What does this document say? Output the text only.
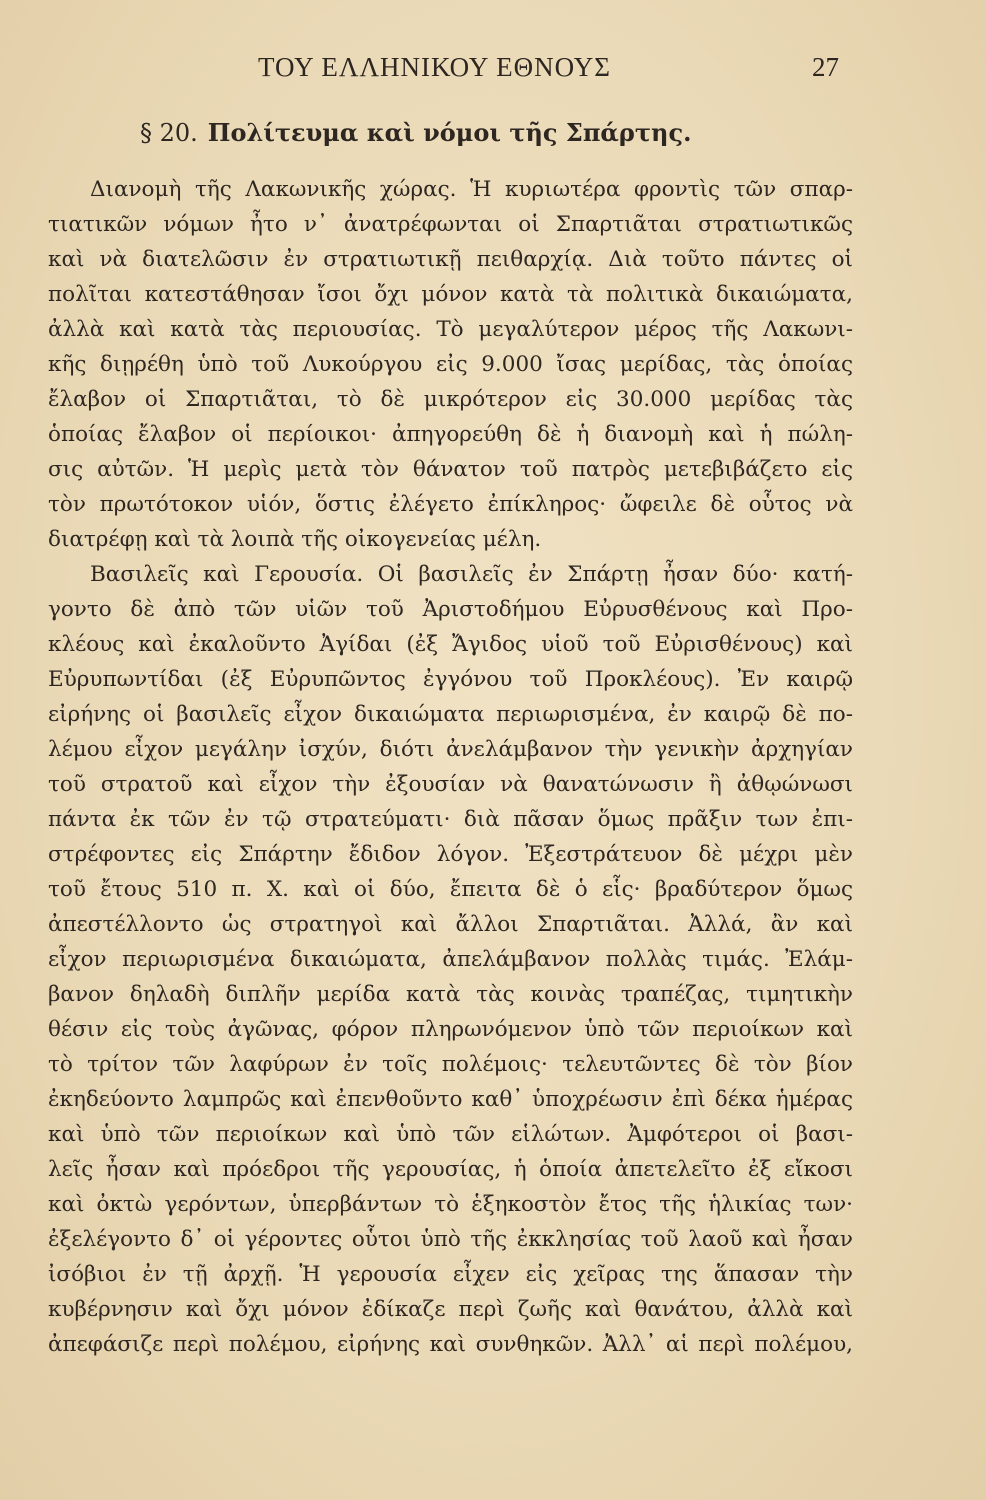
ΤΟΥ ΕΛΛΗΝΙΚΟΥ ΕΘΝΟΥΣ	27
§ 20. Πολίτευμα καὶ νόμοι τῆς Σπάρτης.
Διανομὴ τῆς Λακωνικῆς χώρας. Ἡ κυριωτέρα φροντὶς τῶν σπαρ-
τιατικῶν νόμων ἦτο ν᾽ ἀνατρέφωνται οἱ Σπαρτιᾶται στρατιωτικῶς
καὶ νὰ διατελῶσιν ἐν στρατιωτικῇ πειθαρχίᾳ. Διὰ τοῦτο πάντες οἱ
πολῖται κατεστάθησαν ἴσοι ὄχι μόνον κατὰ τὰ πολιτικὰ δικαιώματα,
ἀλλὰ καὶ κατὰ τὰς περιουσίας. Τὸ μεγαλύτερον μέρος τῆς Λακωνι-
κῆς διῃρέθη ὑπὸ τοῦ Λυκούργου εἰς 9.000 ἴσας μερίδας, τὰς ὁποίας
ἔλαβον οἱ Σπαρτιᾶται, τὸ δὲ μικρότερον εἰς 30.000 μερίδας τὰς
ὁποίας ἔλαβον οἱ περίοικοι· ἀπηγορεύθη δὲ ἡ διανομὴ καὶ ἡ πώλη-
σις αὐτῶν. Ἡ μερὶς μετὰ τὸν θάνατον τοῦ πατρὸς μετεβιβάζετο εἰς
τὸν πρωτότοκον υἱόν, ὅστις ἐλέγετο ἐπίκληρος· ὤφειλε δὲ οὗτος νὰ
διατρέφῃ καὶ τὰ λοιπὰ τῆς οἰκογενείας μέλη.
Βασιλεῖς καὶ Γερουσία. Οἱ βασιλεῖς ἐν Σπάρτῃ ἦσαν δύο· κατή-
γοντο δὲ ἀπὸ τῶν υἱῶν τοῦ Ἀριστοδήμου Εὐρυσθένους καὶ Προ-
κλέους καὶ ἐκαλοῦντο Ἀγίδαι (ἐξ Ἄγιδος υἱοῦ τοῦ Εὐρισθένους) καὶ
Εὐρυπωντίδαι (ἐξ Εὐρυπῶντος ἐγγόνου τοῦ Προκλέους). Ἐν καιρῷ
εἰρήνης οἱ βασιλεῖς εἶχον δικαιώματα περιωρισμένα, ἐν καιρῷ δὲ πο-
λέμου εἶχον μεγάλην ἰσχύν, διότι ἀνελάμβανον τὴν γενικὴν ἀρχηγίαν
τοῦ στρατοῦ καὶ εἶχον τὴν ἐξουσίαν νὰ θανατώνωσιν ἢ ἀθῳώνωσι
πάντα ἐκ τῶν ἐν τῷ στρατεύματι· διὰ πᾶσαν ὅμως πρᾶξιν των ἐπι-
στρέφοντες εἰς Σπάρτην ἔδιδον λόγον. Ἐξεστράτευον δὲ μέχρι μὲν
τοῦ ἔτους 510 π. Χ. καὶ οἱ δύο, ἔπειτα δὲ ὁ εἷς· βραδύτερον ὅμως
ἀπεστέλλοντο ὡς στρατηγοὶ καὶ ἄλλοι Σπαρτιᾶται. Ἀλλά, ἂν καὶ
εἶχον περιωρισμένα δικαιώματα, ἀπελάμβανον πολλὰς τιμάς. Ἐλάμ-
βανον δηλαδὴ διπλῆν μερίδα κατὰ τὰς κοινὰς τραπέζας, τιμητικὴν
θέσιν εἰς τοὺς ἀγῶνας, φόρον πληρωνόμενον ὑπὸ τῶν περιοίκων καὶ
τὸ τρίτον τῶν λαφύρων ἐν τοῖς πολέμοις· τελευτῶντες δὲ τὸν βίον
ἐκηδεύοντο λαμπρῶς καὶ ἐπενθοῦντο καθ᾽ ὑποχρέωσιν ἐπὶ δέκα ἡμέρας
καὶ ὑπὸ τῶν περιοίκων καὶ ὑπὸ τῶν εἱλώτων. Ἀμφότεροι οἱ βασι-
λεῖς ἦσαν καὶ πρόεδροι τῆς γερουσίας, ἡ ὁποία ἀπετελεῖτο ἐξ εἴκοσι
καὶ ὀκτὼ γερόντων, ὑπερβάντων τὸ ἑξηκοστὸν ἔτος τῆς ἡλικίας των·
ἐξελέγοντο δ᾽ οἱ γέροντες οὗτοι ὑπὸ τῆς ἐκκλησίας τοῦ λαοῦ καὶ ἦσαν
ἰσόβιοι ἐν τῇ ἀρχῇ. Ἡ γερουσία εἶχεν εἰς χεῖρας της ἅπασαν τὴν
κυβέρνησιν καὶ ὄχι μόνον ἐδίκαζε περὶ ζωῆς καὶ θανάτου, ἀλλὰ καὶ
ἀπεφάσιζε περὶ πολέμου, εἰρήνης καὶ συνθηκῶν. Ἀλλ᾽ αἱ περὶ πολέμου,
